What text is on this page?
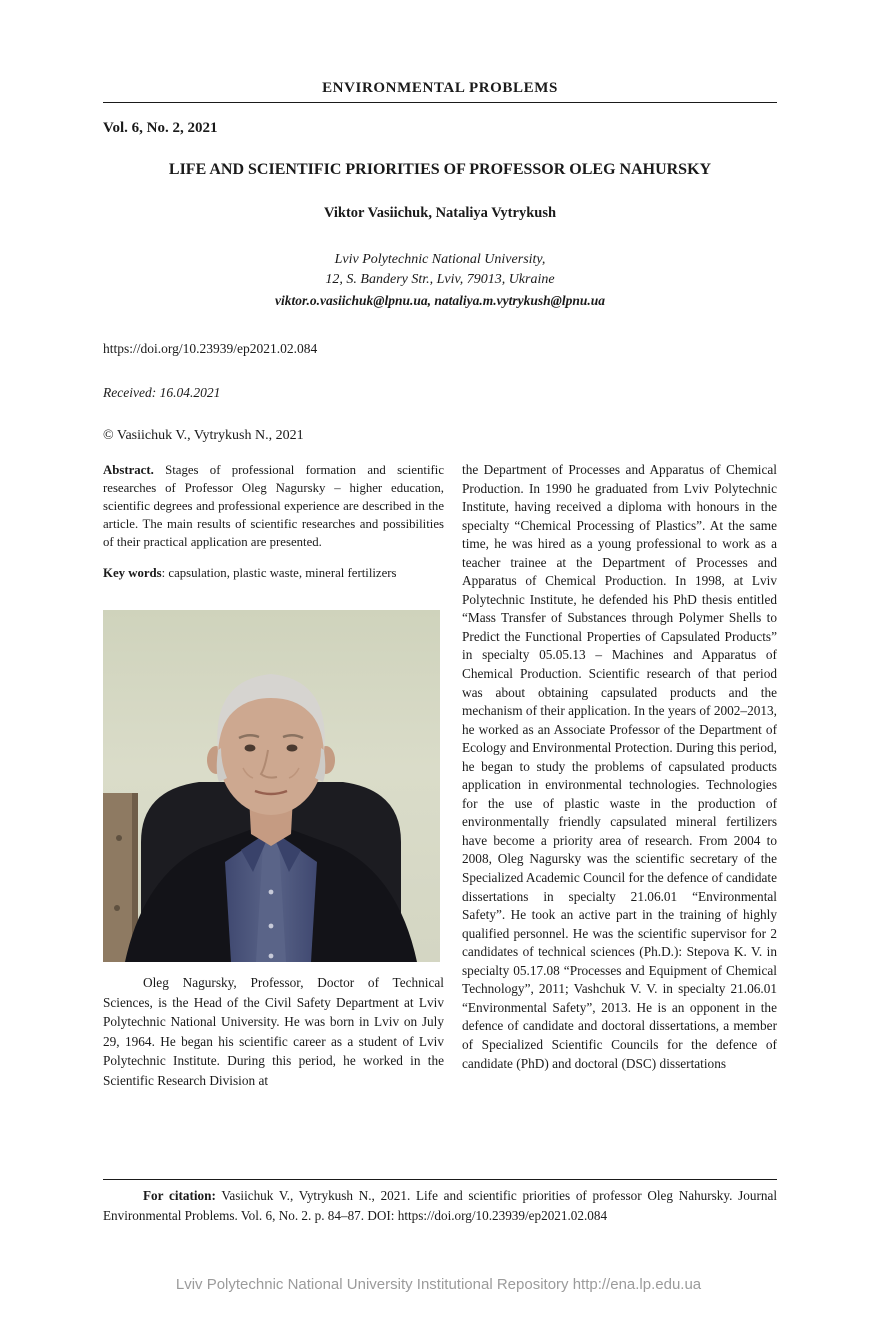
ENVIRONMENTAL PROBLEMS
Vol. 6, No. 2, 2021
LIFE AND SCIENTIFIC PRIORITIES OF PROFESSOR OLEG NAHURSKY
Viktor Vasiichuk, Nataliya Vytrykush
Lviv Polytechnic National University,
12, S. Bandery Str., Lviv, 79013, Ukraine
viktor.o.vasiichuk@lpnu.ua, nataliya.m.vytrykush@lpnu.ua
https://doi.org/10.23939/ep2021.02.084
Received: 16.04.2021
© Vasiichuk V., Vytrykush N., 2021

Abstract. Stages of professional formation and scientific researches of Professor Oleg Nagursky – higher education, scientific degrees and professional experience are described in the article. The main results of scientific researches and possibilities of their practical application are presented.

Key words: capsulation, plastic waste, mineral fertilizers

Oleg Nagursky, Professor, Doctor of Technical Sciences, is the Head of the Civil Safety Department at Lviv Polytechnic National University. He was born in Lviv on July 29, 1964. He began his scientific career as a student of Lviv Polytechnic Institute. During this period, he worked in the Scientific Research Division at

the Department of Processes and Apparatus of Chemical Production. In 1990 he graduated from Lviv Polytechnic Institute, having received a diploma with honours in the specialty “Chemical Processing of Plastics”. At the same time, he was hired as a young professional to work as a teacher trainee at the Department of Processes and Apparatus of Chemical Production. In 1998, at Lviv Polytechnic Institute, he defended his PhD thesis entitled “Mass Transfer of Substances through Polymer Shells to Predict the Functional Properties of Capsulated Products” in specialty 05.05.13 – Machines and Apparatus of Chemical Production. Scientific research of that period was about obtaining capsulated products and the mechanism of their application. In the years of 2002–2013, he worked as an Associate Professor of the Department of Ecology and Environmental Protection. During this period, he began to study the problems of capsulated products application in environmental technologies. Technologies for the use of plastic waste in the production of environmentally friendly capsulated mineral fertilizers have become a priority area of research. From 2004 to 2008, Oleg Nagursky was the scientific secretary of the Specialized Academic Council for the defence of candidate dissertations in specialty 21.06.01 “Environmental Safety”. He took an active part in the training of highly qualified personnel. He was the scientific supervisor for 2 candidates of technical sciences (Ph.D.): Stepova K. V. in specialty 05.17.08 “Processes and Equipment of Chemical Technology”, 2011; Vashchuk V. V. in specialty 21.06.01 “Environmental Safety”, 2013. He is an opponent in the defence of candidate and doctoral dissertations, a member of Specialized Scientific Councils for the defence of candidate (PhD) and doctoral (DSC) dissertations

For citation: Vasiichuk V., Vytrykush N., 2021. Life and scientific priorities of professor Oleg Nahursky. Journal Environmental Problems. Vol. 6, No. 2. p. 84–87. DOI: https://doi.org/10.23939/ep2021.02.084

Lviv Polytechnic National University Institutional Repository http://ena.lp.edu.ua
